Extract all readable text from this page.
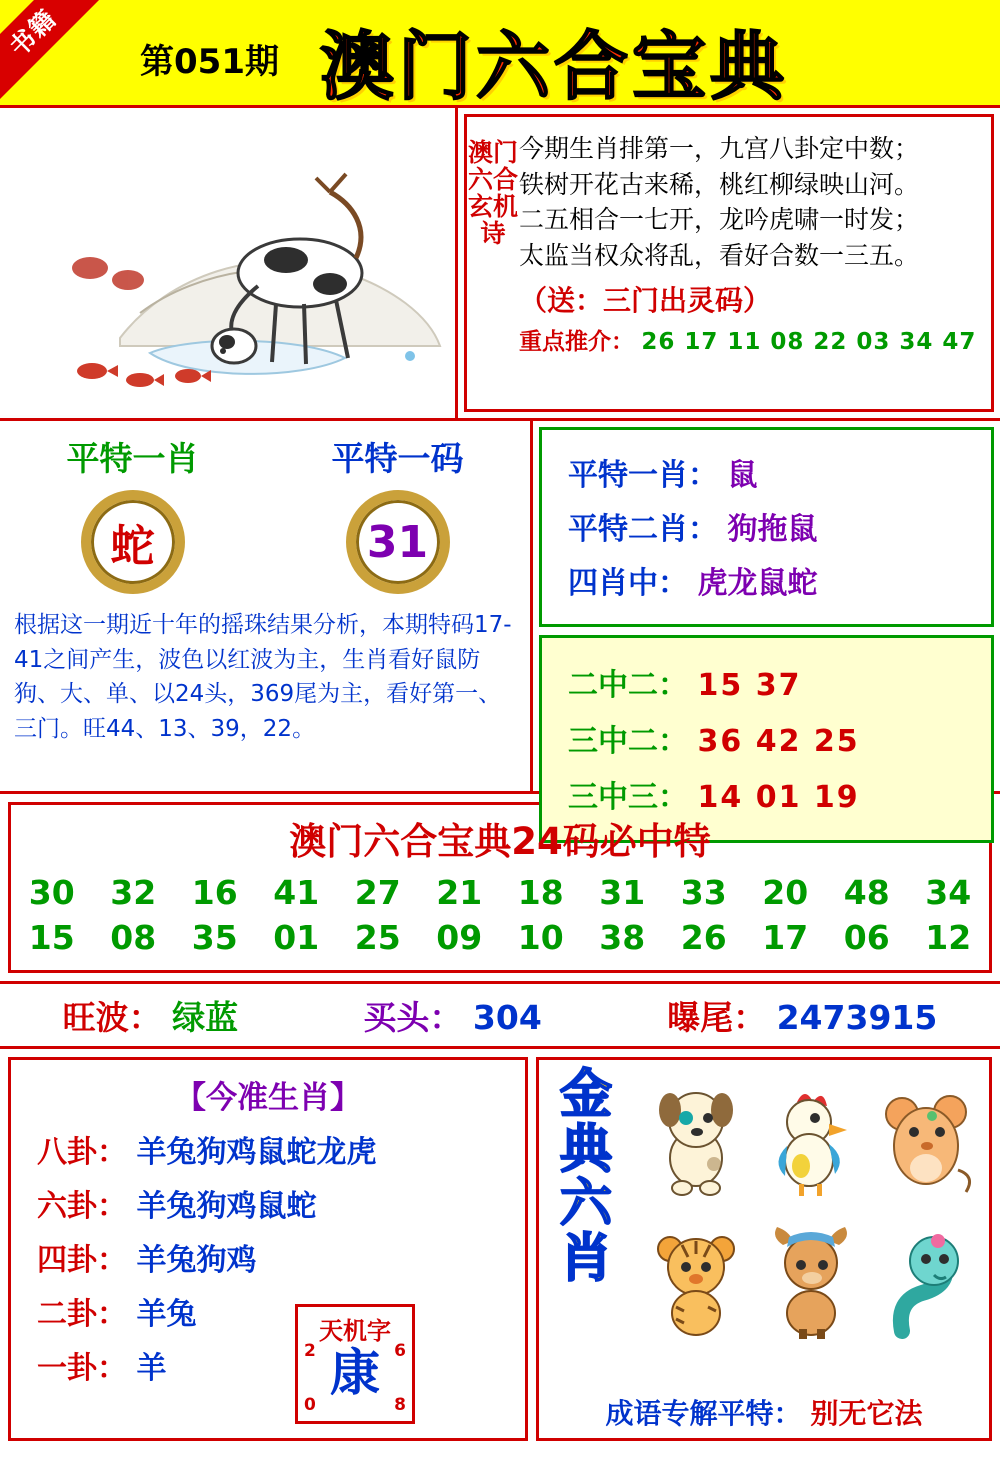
书籍	第051期 澳门六合宝典
澳门六合玄机诗
今期生肖排第一，九宫八卦定中数；
铁树开花古来稀，桃红柳绿映山河。
二五相合一七开，龙吟虎啸一时发；
太监当权众将乱，看好合数一三五。
（送：三门出灵码）
重点推介： 26 17 11 08 22 03 34 47
平特一肖	平特一码
蛇	31
根据这一期近十年的摇珠结果分析，本期特码17-41之间产生，波色以红波为主，生肖看好鼠防狗、大、单、以24头，369尾为主，看好第一、三门。旺44、13、39，22。
平特一肖： 鼠
平特二肖： 狗拖鼠
四肖中： 虎龙鼠蛇
二中二： 15 37
三中二： 36 42 25
三中三： 14 01 19
澳门六合宝典24码必中特
30	32	16	41	27	21	18	31	33	20	48	34
15	08	35	01	25	09	10	38	26	17	06	12
旺波： 绿蓝	买头： 304	曝尾： 2473915
【今准生肖】
八卦： 羊兔狗鸡鼠蛇龙虎
六卦： 羊兔狗鸡鼠蛇
四卦： 羊兔狗鸡
二卦： 羊兔
一卦： 羊
天机字
康
2	6
0	8
金典六肖
成语专解平特： 别无它法
